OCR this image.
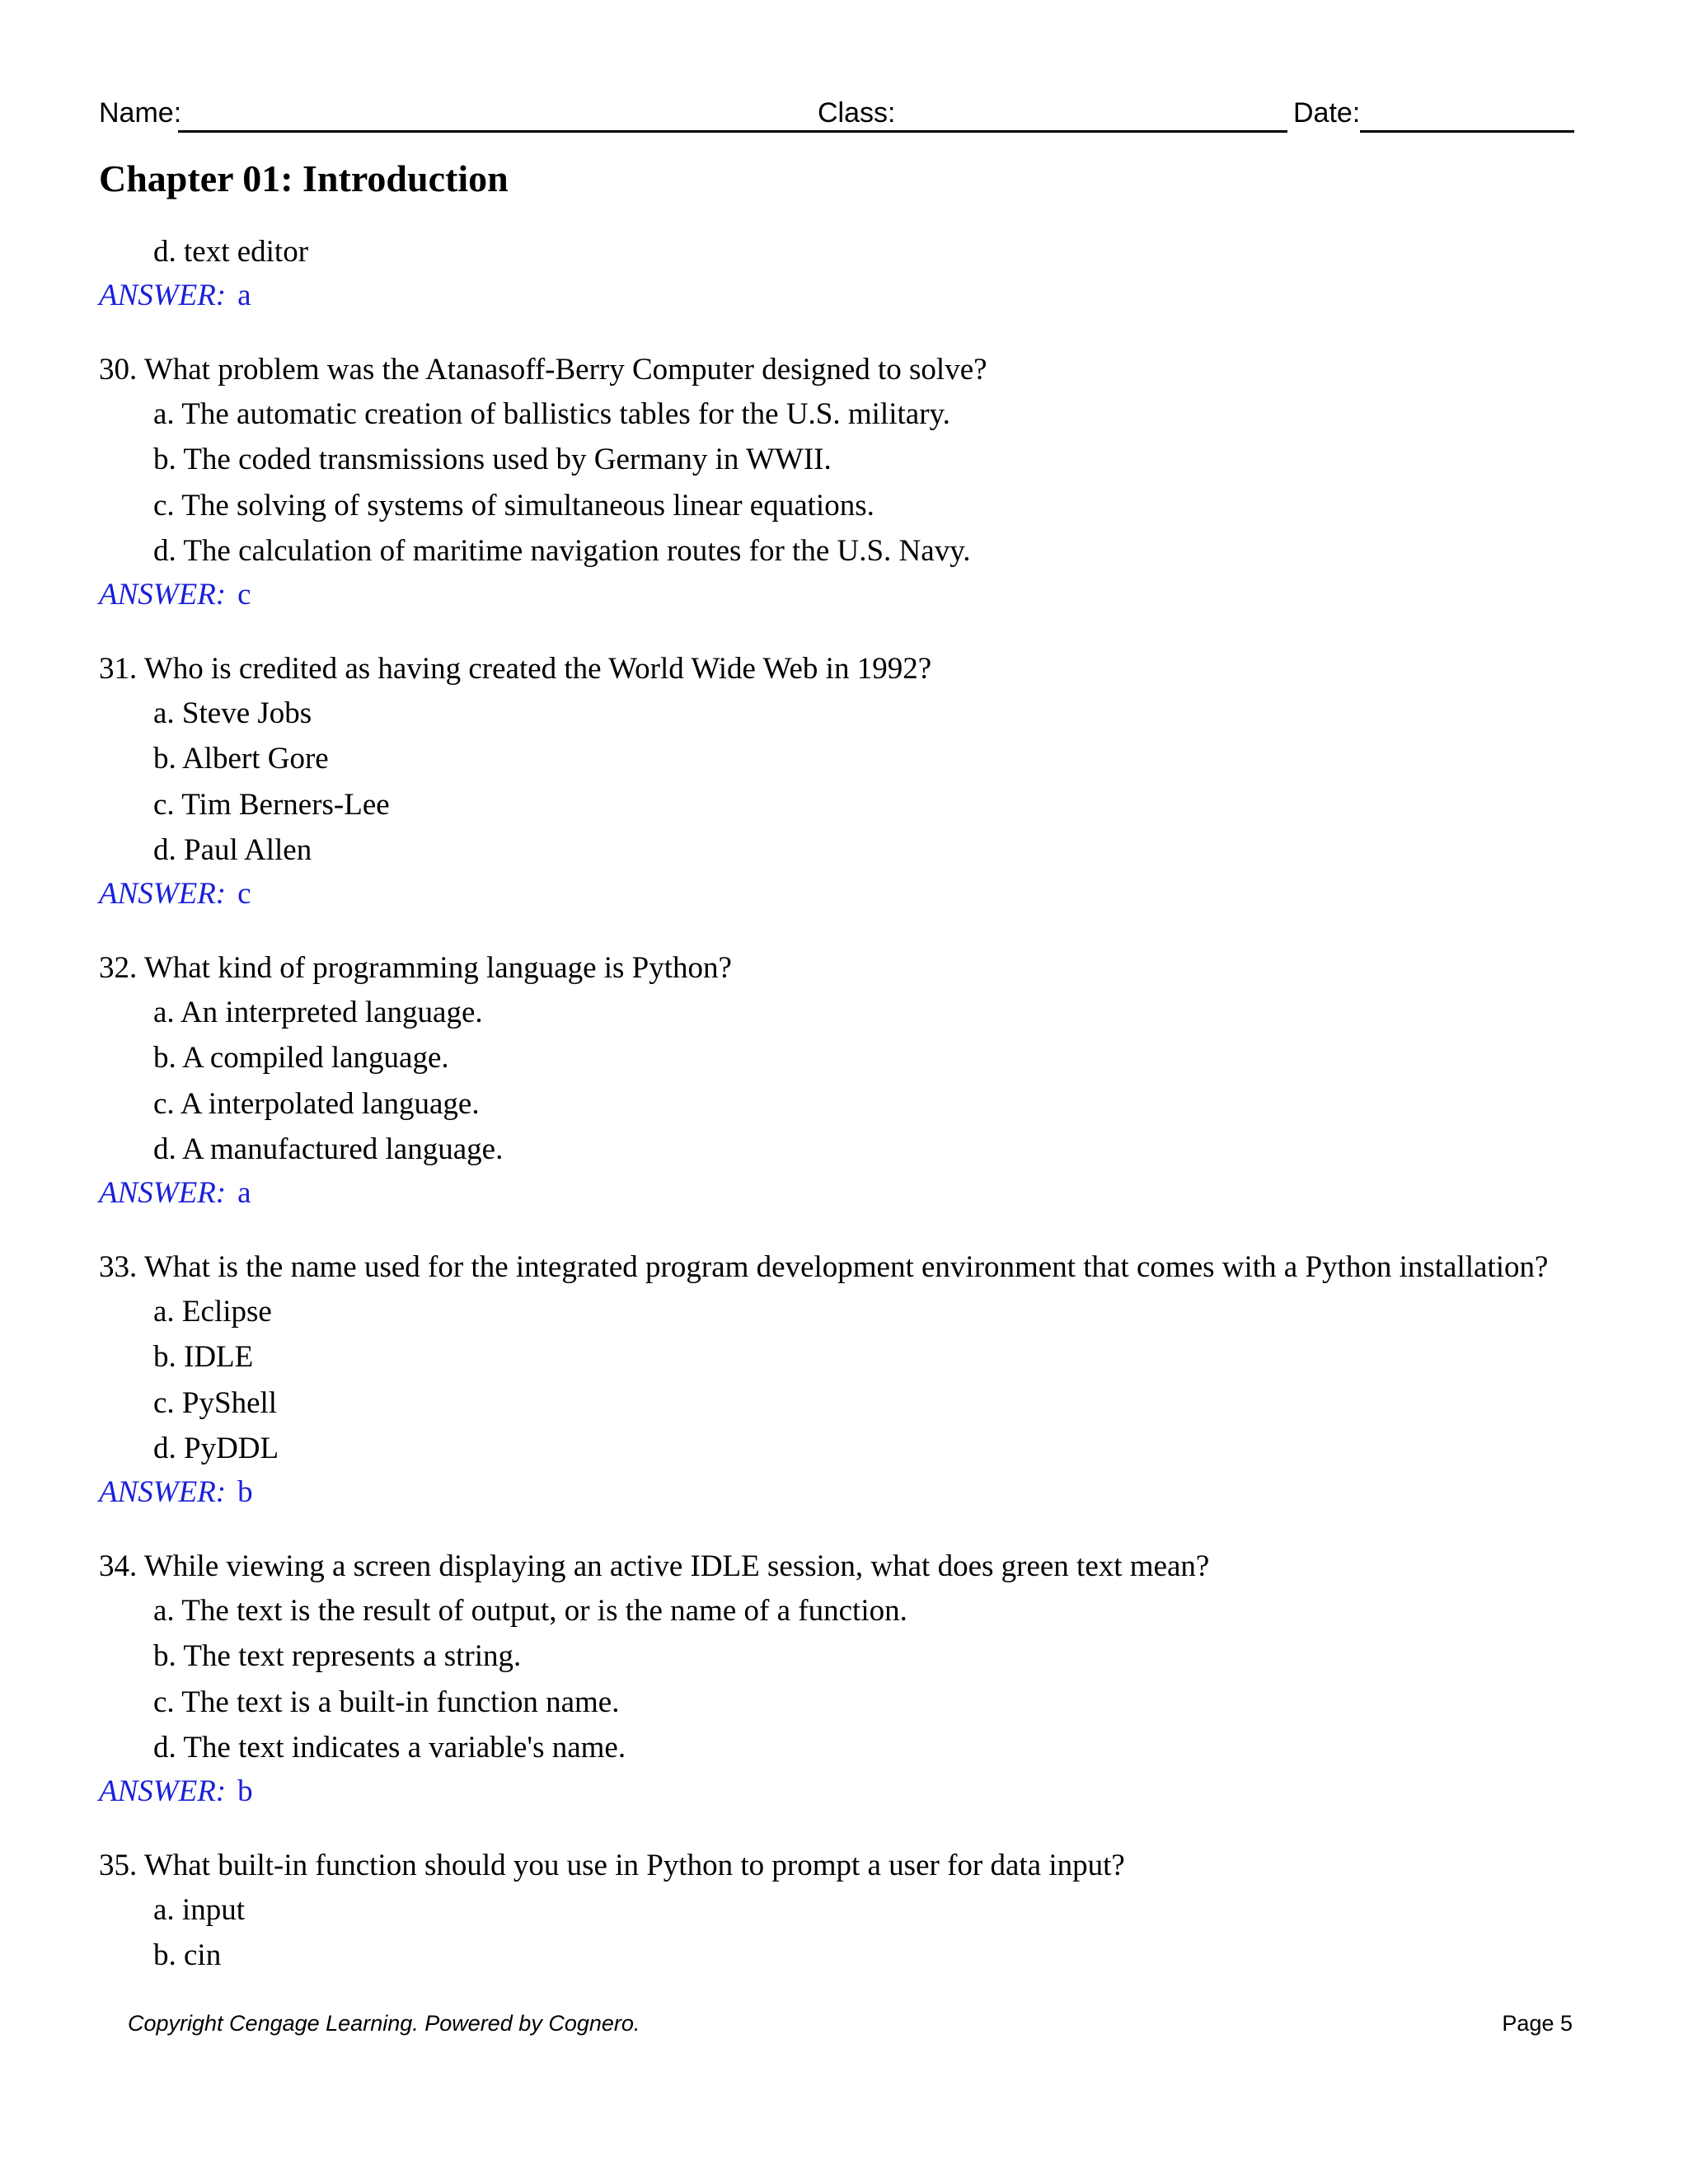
Name:	Class:	Date:
Chapter 01: Introduction
d. text editor
ANSWER: a
30. What problem was the Atanasoff-Berry Computer designed to solve?
a. The automatic creation of ballistics tables for the U.S. military.
b. The coded transmissions used by Germany in WWII.
c. The solving of systems of simultaneous linear equations.
d. The calculation of maritime navigation routes for the U.S. Navy.
ANSWER: c
31. Who is credited as having created the World Wide Web in 1992?
a. Steve Jobs
b. Albert Gore
c. Tim Berners-Lee
d. Paul Allen
ANSWER: c
32. What kind of programming language is Python?
a. An interpreted language.
b. A compiled language.
c. A interpolated language.
d. A manufactured language.
ANSWER: a
33. What is the name used for the integrated program development environment that comes with a Python installation?
a. Eclipse
b. IDLE
c. PyShell
d. PyDDL
ANSWER: b
34. While viewing a screen displaying an active IDLE session, what does green text mean?
a. The text is the result of output, or is the name of a function.
b. The text represents a string.
c. The text is a built-in function name.
d. The text indicates a variable's name.
ANSWER: b
35. What built-in function should you use in Python to prompt a user for data input?
a. input
b. cin
Copyright Cengage Learning. Powered by Cognero.	Page 5
